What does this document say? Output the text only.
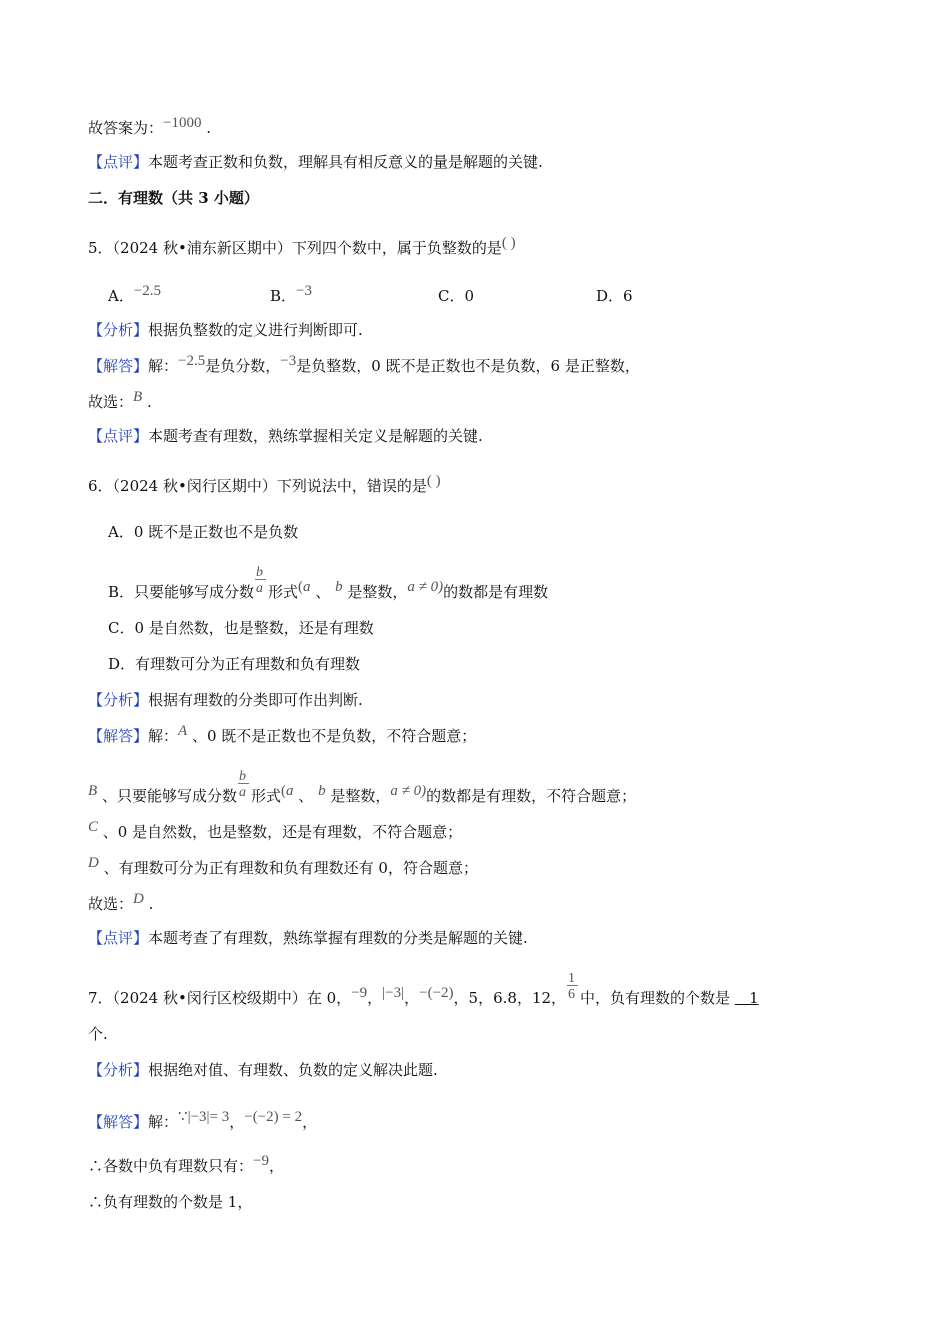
故答案为：−1000 .
【点评】本题考查正数和负数，理解具有相反意义的量是解题的关键.
二．有理数（共 3 小题）
5．（2024 秋•浦东新区期中）下列四个数中，属于负整数的是( )
A．−2.5	B．−3	C．0	D．6
【分析】根据负整数的定义进行判断即可.
【解答】解：−2.5是负分数，−3是负整数，0 既不是正数也不是负数，6 是正整数，
故选：B .
【点评】本题考查有理数，熟练掌握相关定义是解题的关键.
6．（2024 秋•闵行区期中）下列说法中，错误的是( )
A．0 既不是正数也不是负数
B．只要能够写成分数 $\frac{b}{a}$ 形式(a 、 b 是整数，a ≠ 0)的数都是有理数
C．0 是自然数，也是整数，还是有理数
D．有理数可分为正有理数和负有理数
【分析】根据有理数的分类即可作出判断.
【解答】解：A 、0 既不是正数也不是负数，不符合题意；
B 、只要能够写成分数 $\frac{b}{a}$ 形式(a 、 b 是整数，a ≠ 0)的数都是有理数，不符合题意；
C 、0 是自然数，也是整数，还是有理数，不符合题意；
D 、有理数可分为正有理数和负有理数还有 0，符合题意；
故选：D .
【点评】本题考查了有理数，熟练掌握有理数的分类是解题的关键.
7．（2024 秋•闵行区校级期中）在 0，−9，|−3|，−(−2)，5，6.8，12， $\frac{1}{6}$ 中，负有理数的个数是 1
个.
【分析】根据绝对值、有理数、负数的定义解决此题.
【解答】解：∵|−3|= 3，−(−2) = 2，
∴各数中负有理数只有：−9，
∴负有理数的个数是 1，
